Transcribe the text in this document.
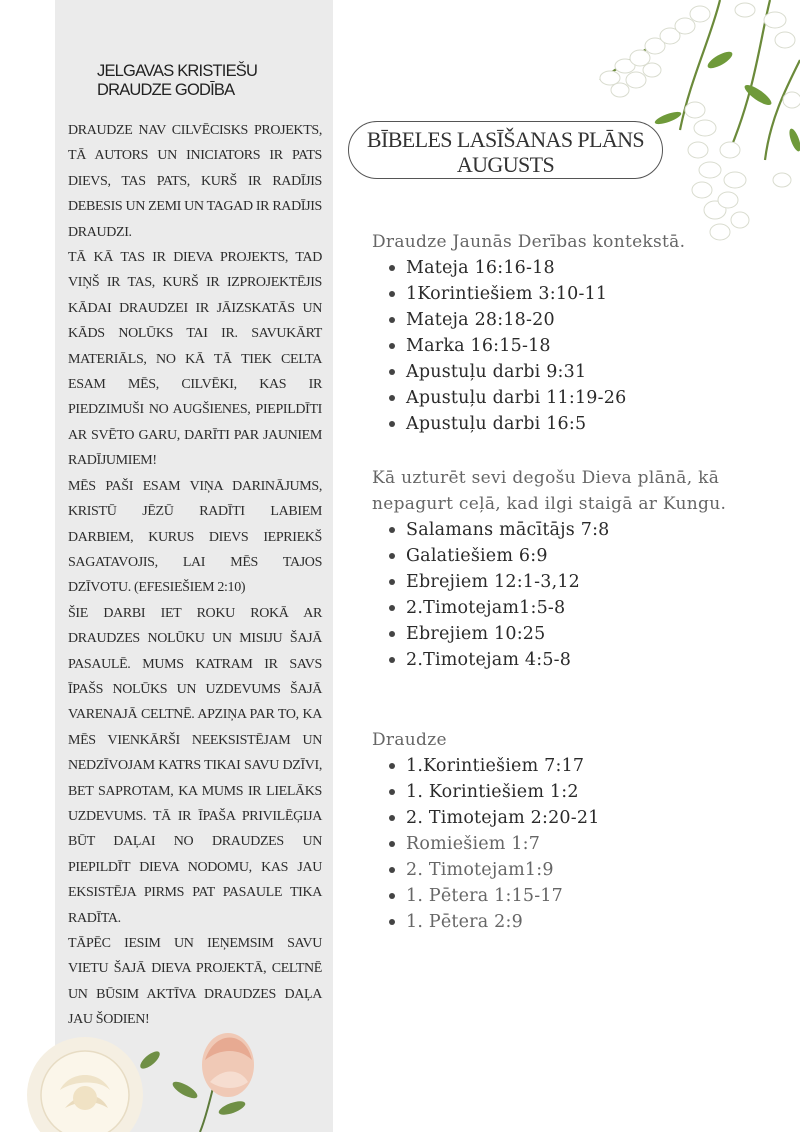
JELGAVAS KRISTIEŠU
DRAUDZE GODĪBA

DRAUDZE NAV CILVĒCISKS PROJEKTS, TĀ AUTORS UN INICIATORS IR PATS DIEVS, TAS PATS, KURŠ IR RADĪJIS DEBESIS UN ZEMI UN TAGAD IR RADĪJIS DRAUDZI.

TĀ KĀ TAS IR DIEVA PROJEKTS, TAD VIŅŠ IR TAS, KURŠ IR IZPROJEKTĒJIS KĀDAI DRAUDZEI IR JĀIZSKATĀS UN KĀDS NOLŪKS TAI IR. SAVUKĀRT MATERIĀLS, NO KĀ TĀ TIEK CELTA ESAM MĒS, CILVĒKI, KAS IR PIEDZIMUŠI NO AUGŠIENES, PIEPILDĪTI AR SVĒTO GARU, DARĪTI PAR JAUNIEM RADĪJUMIEM!

MĒS PAŠI ESAM VIŅA DARINĀJUMS, KRISTŪ JĒZŪ RADĪTI LABIEM DARBIEM, KURUS DIEVS IEPRIEKŠ SAGATAVOJIS, LAI MĒS TAJOS DZĪVOTU. (EFESIEŠIEM 2:10)

ŠIE DARBI IET ROKU ROKĀ AR DRAUDZES NOLŪKU UN MISIJU ŠAJĀ PASAULĒ. MUMS KATRAM IR SAVS ĪPAŠS NOLŪKS UN UZDEVUMS ŠAJĀ VARENAJĀ CELTNĒ. APZIŅA PAR TO, KA MĒS VIENKĀRŠI NEEKSISTĒJAM UN NEDZĪVOJAM KATRS TIKAI SAVU DZĪVI, BET SAPROTAM, KA MUMS IR LIELĀKS UZDEVUMS. TĀ IR ĪPAŠA PRIVILĒĢIJA BŪT DAĻAI NO DRAUDZES UN PIEPILDĪT DIEVA NODOMU, KAS JAU EKSISTĒJA PIRMS PAT PASAULE TIKA RADĪTA.

TĀPĒC IESIM UN IEŅEMSIM SAVU VIETU ŠAJĀ DIEVA PROJEKTĀ, CELTNĒ UN BŪSIM AKTĪVA DRAUDZES DAĻA JAU ŠODIEN!

BĪBELES LASĪŠANAS PLĀNS
AUGUSTS

Draudze Jaunās Derības kontekstā.

Mateja 16:16-18
1Korintiešiem 3:10-11
Mateja 28:18-20
Marka 16:15-18
Apustuļu darbi 9:31
Apustuļu darbi 11:19-26
Apustuļu darbi 16:5

Kā uzturēt sevi degošu Dieva plānā, kā nepagurt ceļā, kad ilgi staigā ar Kungu.

Salamans mācītājs 7:8
Galatiešiem 6:9
Ebrejiem 12:1-3,12
2.Timotejam1:5-8
Ebrejiem 10:25
2.Timotejam 4:5-8

Draudze

1.Korintiešiem 7:17
1. Korintiešiem 1:2
2. Timotejam 2:20-21
Romiešiem 1:7
2. Timotejam1:9
1. Pētera 1:15-17
1. Pētera 2:9
